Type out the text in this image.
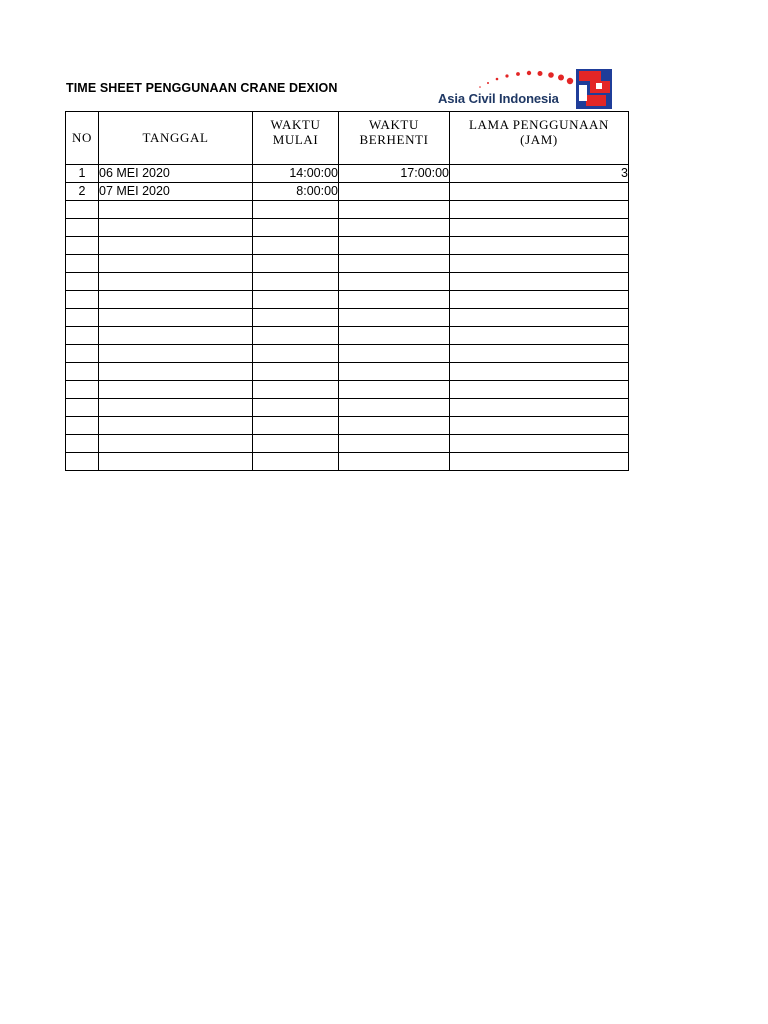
TIME SHEET PENGGUNAAN CRANE DEXION
Asia Civil Indonesia
NO	TANGGAL	WAKTU MULAI	WAKTU BERHENTI	LAMA PENGGUNAAN (JAM)

1	06 MEI 2020	14:00:00	17:00:00	3
2	07 MEI 2020	8:00:00		
